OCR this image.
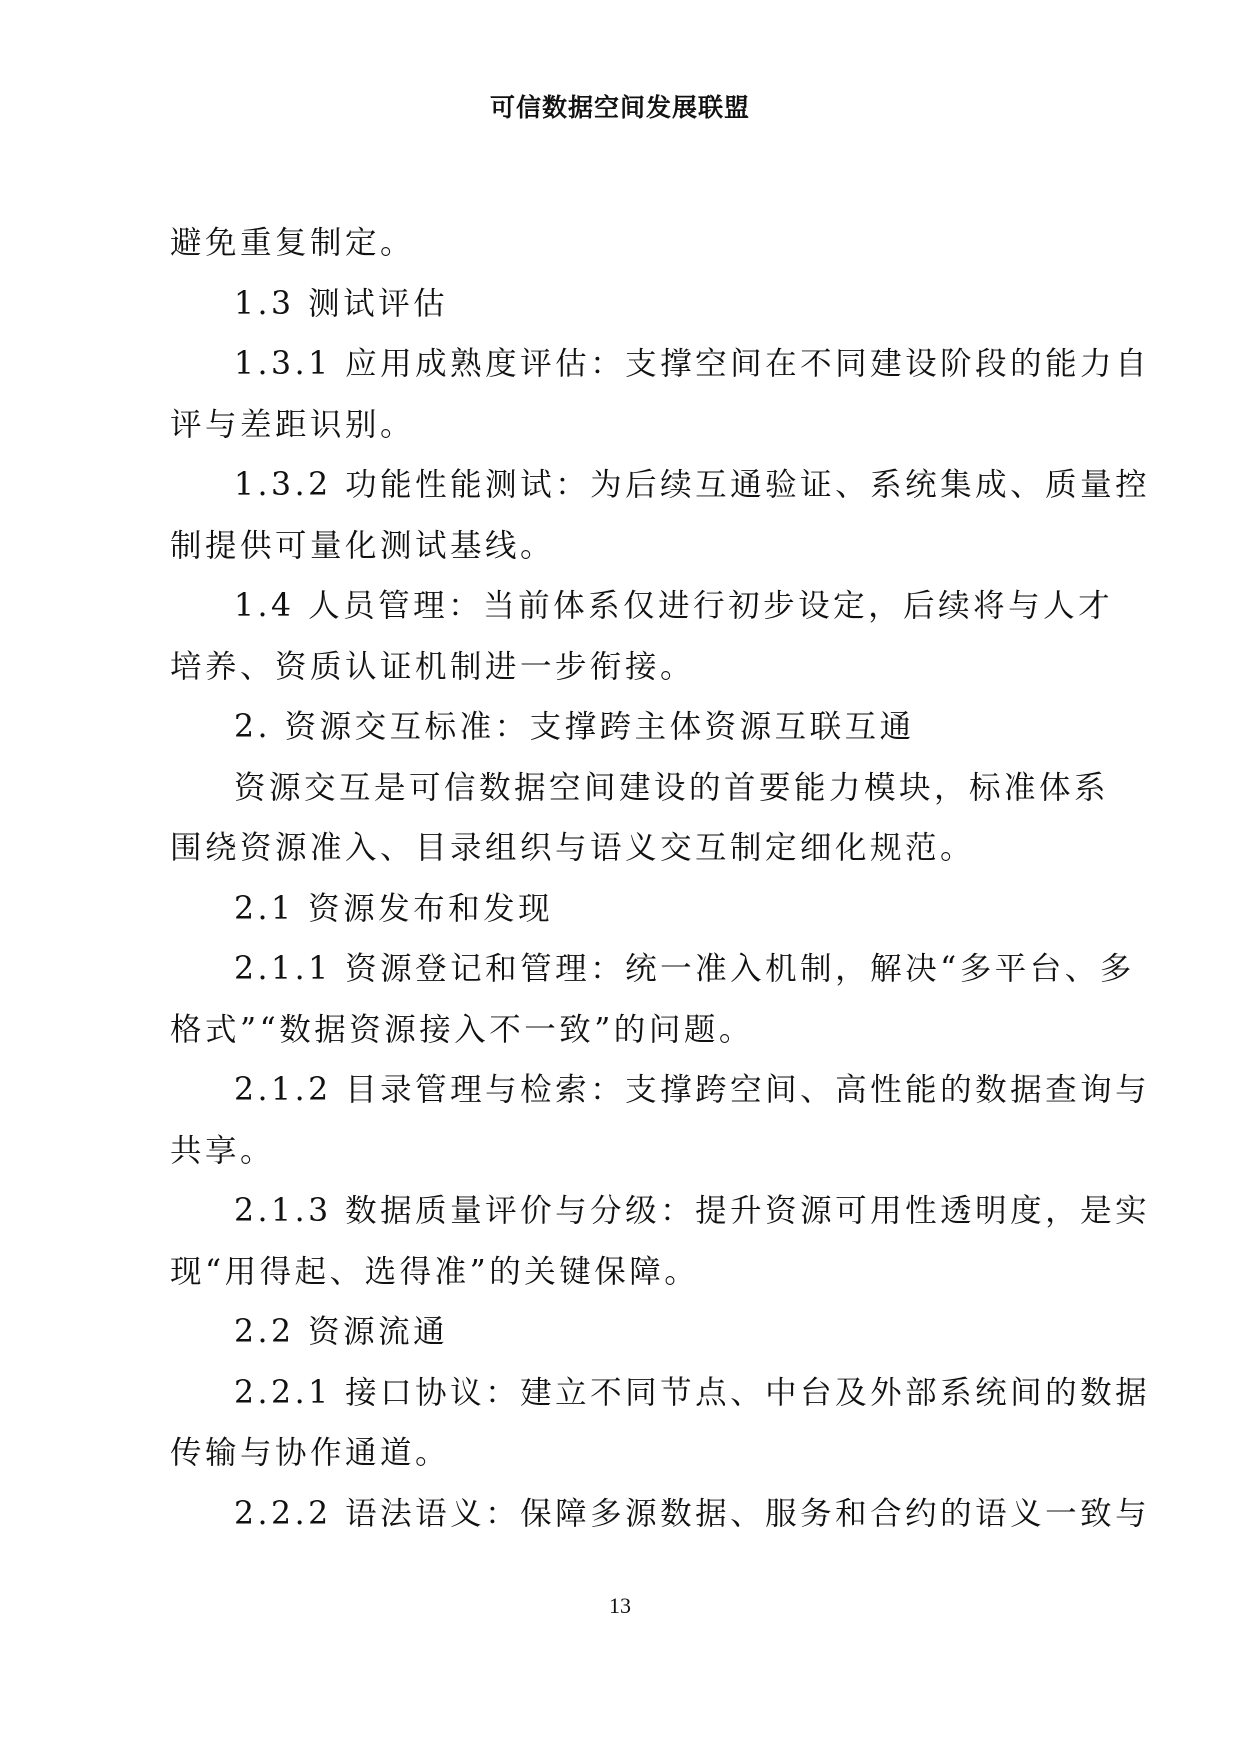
可信数据空间发展联盟
避免重复制定。
1.3 测试评估
1.3.1 应用成熟度评估：支撑空间在不同建设阶段的能力自
评与差距识别。
1.3.2 功能性能测试：为后续互通验证、系统集成、质量控
制提供可量化测试基线。
1.4 人员管理：当前体系仅进行初步设定，后续将与人才
培养、资质认证机制进一步衔接。
2. 资源交互标准：支撑跨主体资源互联互通
资源交互是可信数据空间建设的首要能力模块，标准体系
围绕资源准入、目录组织与语义交互制定细化规范。
2.1 资源发布和发现
2.1.1 资源登记和管理：统一准入机制，解决“多平台、多
格式”“数据资源接入不一致”的问题。
2.1.2 目录管理与检索：支撑跨空间、高性能的数据查询与
共享。
2.1.3 数据质量评价与分级：提升资源可用性透明度，是实
现“用得起、选得准”的关键保障。
2.2 资源流通
2.2.1 接口协议：建立不同节点、中台及外部系统间的数据
传输与协作通道。
2.2.2 语法语义：保障多源数据、服务和合约的语义一致与
13
